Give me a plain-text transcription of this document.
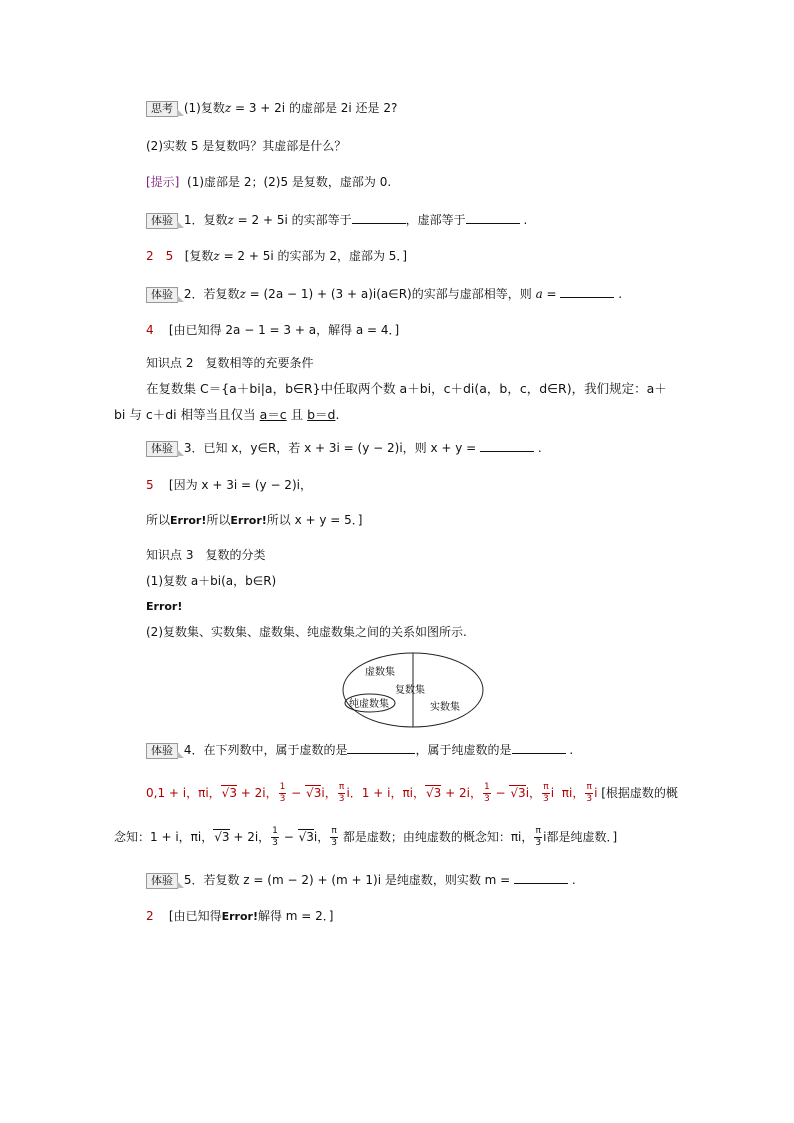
思考 (1)复数z = 3 + 2i 的虚部是 2i 还是 2?
(2)实数 5 是复数吗？其虚部是什么？
[提示] (1)虚部是 2；(2)5 是复数，虚部为 0.
体验 1．复数z = 2 + 5i 的实部等于	，虚部等于	.
2　5 [复数z = 2 + 5i 的实部为 2，虚部为 5．]
体验 2．若复数z = (2a − 1) + (3 + a)i(a∈R)的实部与虚部相等，则 a =	.
4 [由已知得 2a − 1 = 3 + a，解得 a = 4．]
知识点 2　复数相等的充要条件
在复数集 C＝{a＋bi|a，b∈R}中任取两个数 a＋bi，c＋di(a，b，c，d∈R)，我们规定：a＋
bi 与 c＋di 相等当且仅当 a＝c 且 b＝d.
体验 3．已知 x，y∈R，若 x + 3i = (y − 2)i，则 x + y =	.
5 [因为 x + 3i = (y − 2)i，
所以Error!所以Error!所以 x + y = 5．]
知识点 3　复数的分类
(1)复数 a＋bi(a，b∈R)
Error!
(2)复数集、实数集、虚数集、纯虚数集之间的关系如图所示.
虚数集
复数集
纯虚数集	实数集
体验 4．在下列数中，属于虚数的是	，属于纯虚数的是	.
0,1 + i，πi， √ 3 + 2i， $\frac{1}{3}$ − √ 3i， $\frac{\pi}{3}$ i．1 + i，πi， √ 3 + 2i， $\frac{1}{3}$ − √ 3i， $\frac{\pi}{3}$ i  πi， $\frac{\pi}{3}$ i [根据虚数的概
念知：1 + i，πi， √ 3 + 2i， $\frac{1}{3}$ − √ 3i， $\frac{\pi}{3}$ 都是虚数；由纯虚数的概念知：πi， $\frac{\pi}{3}$ i都是纯虚数．]
体验 5．若复数 z = (m − 2) + (m + 1)i 是纯虚数，则实数 m =	.
2 [由已知得Error!解得 m = 2．]
